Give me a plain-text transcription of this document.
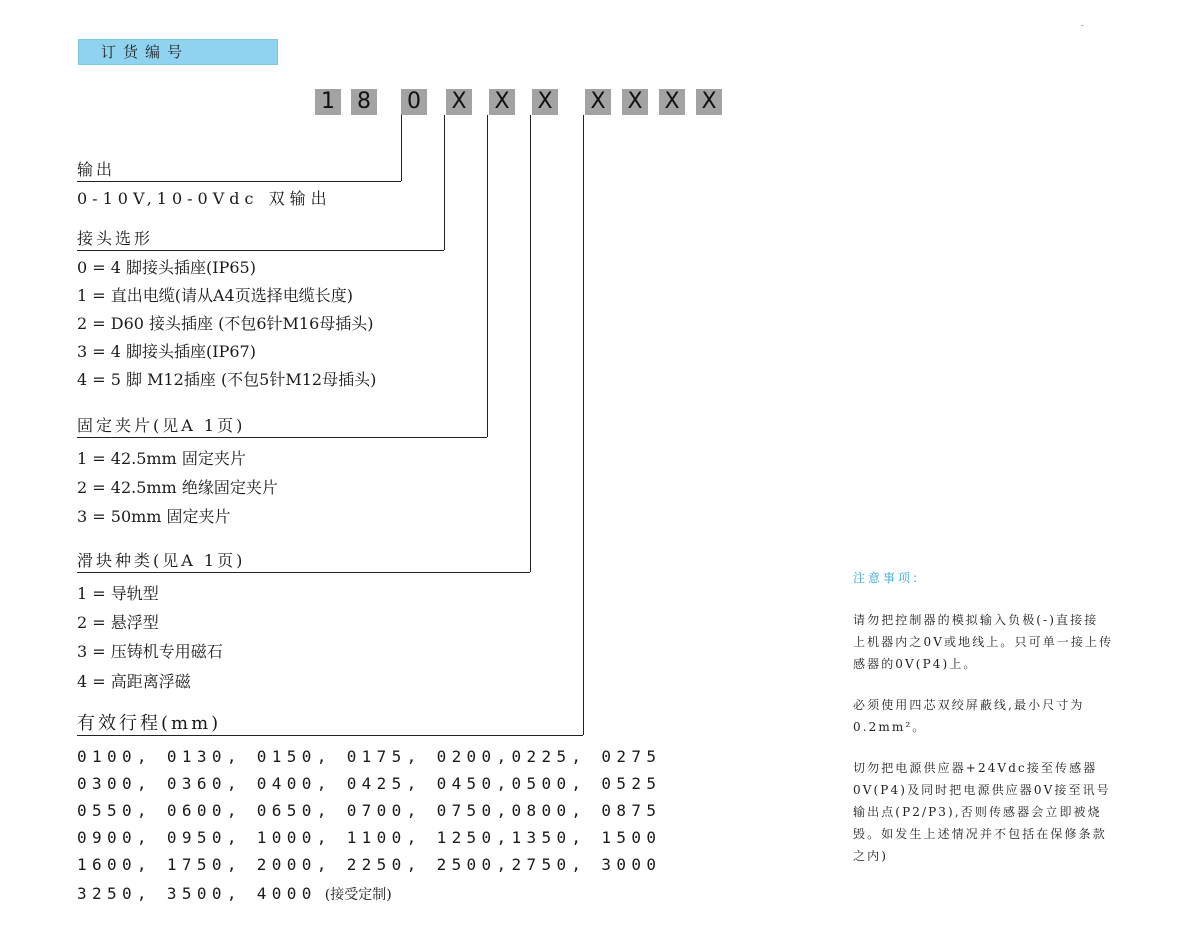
订货编号
1 8 0 X X X X X X X
输出
0-10V,10-0Vdc 双输出
接头选形
0 = 4 脚接头插座(IP65)
1 = 直出电缆(请从A4页选择电缆长度)
2 = D60 接头插座 (不包6针M16母插头)
3 = 4 脚接头插座(IP67)
4 = 5 脚 M12插座 (不包5针M12母插头)
固定夹片(见A 1页)
1 = 42.5mm 固定夹片
2 = 42.5mm 绝缘固定夹片
3 = 50mm 固定夹片
滑块种类(见A 1页)
1 = 导轨型
2 = 悬浮型
3 = 压铸机专用磁石
4 = 高距离浮磁
有效行程(mm)
0100, 0130, 0150, 0175, 0200,0225, 0275
0300, 0360, 0400, 0425, 0450,0500, 0525
0550, 0600, 0650, 0700, 0750,0800, 0875
0900, 0950, 1000, 1100, 1250,1350, 1500
1600, 1750, 2000, 2250, 2500,2750, 3000
3250, 3500, 4000 (接受定制)
注意事项:

请勿把控制器的模拟输入负极(-)直接接
上机器内之0V或地线上。只可单一接上传
感器的0V(P4)上。

必须使用四芯双绞屏蔽线,最小尺寸为
0.2mm²。

切勿把电源供应器+24Vdc接至传感器
0V(P4)及同时把电源供应器0V接至讯号
输出点(P2/P3),否则传感器会立即被烧
毁。如发生上述情况并不包括在保修条款
之内)
